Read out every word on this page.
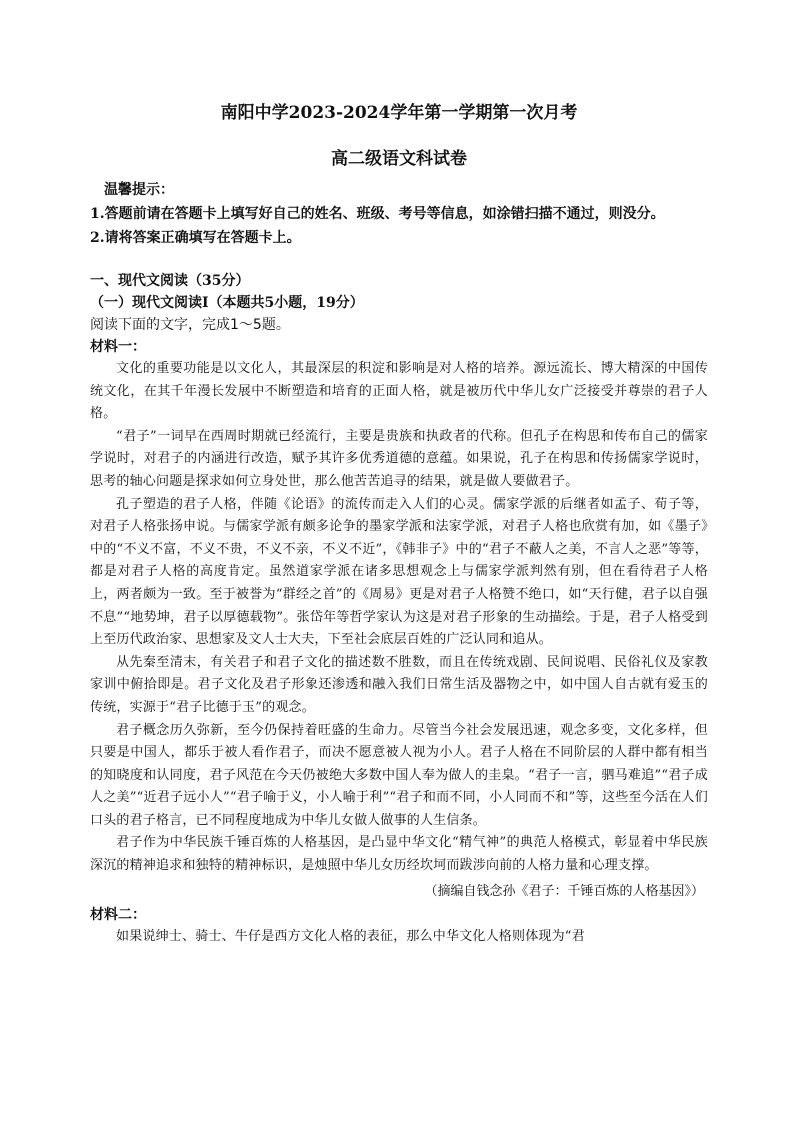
南阳中学2023-2024学年第一学期第一次月考

高二级语文科试卷

温馨提示：

1.答题前请在答题卡上填写好自己的姓名、班级、考号等信息，如涂错扫描不通过，则没分。

2.请将答案正确填写在答题卡上。

一、现代文阅读（35分）

（一）现代文阅读Ⅰ（本题共5小题，19分）

阅读下面的文字，完成1～5题。

材料一：

文化的重要功能是以文化人，其最深层的积淀和影响是对人格的培养。源远流长、博大精深的中国传统文化，在其千年漫长发展中不断塑造和培育的正面人格，就是被历代中华儿女广泛接受并尊崇的君子人格。

“君子”一词早在西周时期就已经流行，主要是贵族和执政者的代称。但孔子在构思和传布自己的儒家学说时，对君子的内涵进行改造，赋予其许多优秀道德的意蕴。如果说，孔子在构思和传扬儒家学说时，思考的轴心问题是探求如何立身处世，那么他苦苦追寻的结果，就是做人要做君子。

孔子塑造的君子人格，伴随《论语》的流传而走入人们的心灵。儒家学派的后继者如孟子、荀子等，对君子人格张扬申说。与儒家学派有颇多论争的墨家学派和法家学派，对君子人格也欣赏有加，如《墨子》中的“不义不富，不义不贵，不义不亲，不义不近”，《韩非子》中的“君子不蔽人之美，不言人之恶”等等，都是对君子人格的高度肯定。虽然道家学派在诸多思想观念上与儒家学派判然有别，但在看待君子人格上，两者颇为一致。至于被誉为“群经之首”的《周易》更是对君子人格赞不绝口，如“天行健，君子以自强不息”“地势坤，君子以厚德载物”。张岱年等哲学家认为这是对君子形象的生动描绘。于是，君子人格受到上至历代政治家、思想家及文人士大夫，下至社会底层百姓的广泛认同和追从。

从先秦至清末，有关君子和君子文化的描述数不胜数，而且在传统戏剧、民间说唱、民俗礼仪及家教家训中俯拾即是。君子文化及君子形象还渗透和融入我们日常生活及器物之中，如中国人自古就有爱玉的传统，实源于“君子比德于玉”的观念。

君子概念历久弥新，至今仍保持着旺盛的生命力。尽管当今社会发展迅速，观念多变，文化多样，但只要是中国人，都乐于被人看作君子，而决不愿意被人视为小人。君子人格在不同阶层的人群中都有相当的知晓度和认同度，君子风范在今天仍被绝大多数中国人奉为做人的圭臬。“君子一言，驷马难追”“君子成人之美”“近君子远小人”“君子喻于义，小人喻于利”“君子和而不同，小人同而不和”等，这些至今活在人们口头的君子格言，已不同程度地成为中华儿女做人做事的人生信条。

君子作为中华民族千锤百炼的人格基因，是凸显中华文化“精气神”的典范人格模式，彰显着中华民族深沉的精神追求和独特的精神标识，是烛照中华儿女历经坎坷而跋涉向前的人格力量和心理支撑。

（摘编自钱念孙《君子：千锤百炼的人格基因》）

材料二：

如果说绅士、骑士、牛仔是西方文化人格的表征，那么中华文化人格则体现为“君
